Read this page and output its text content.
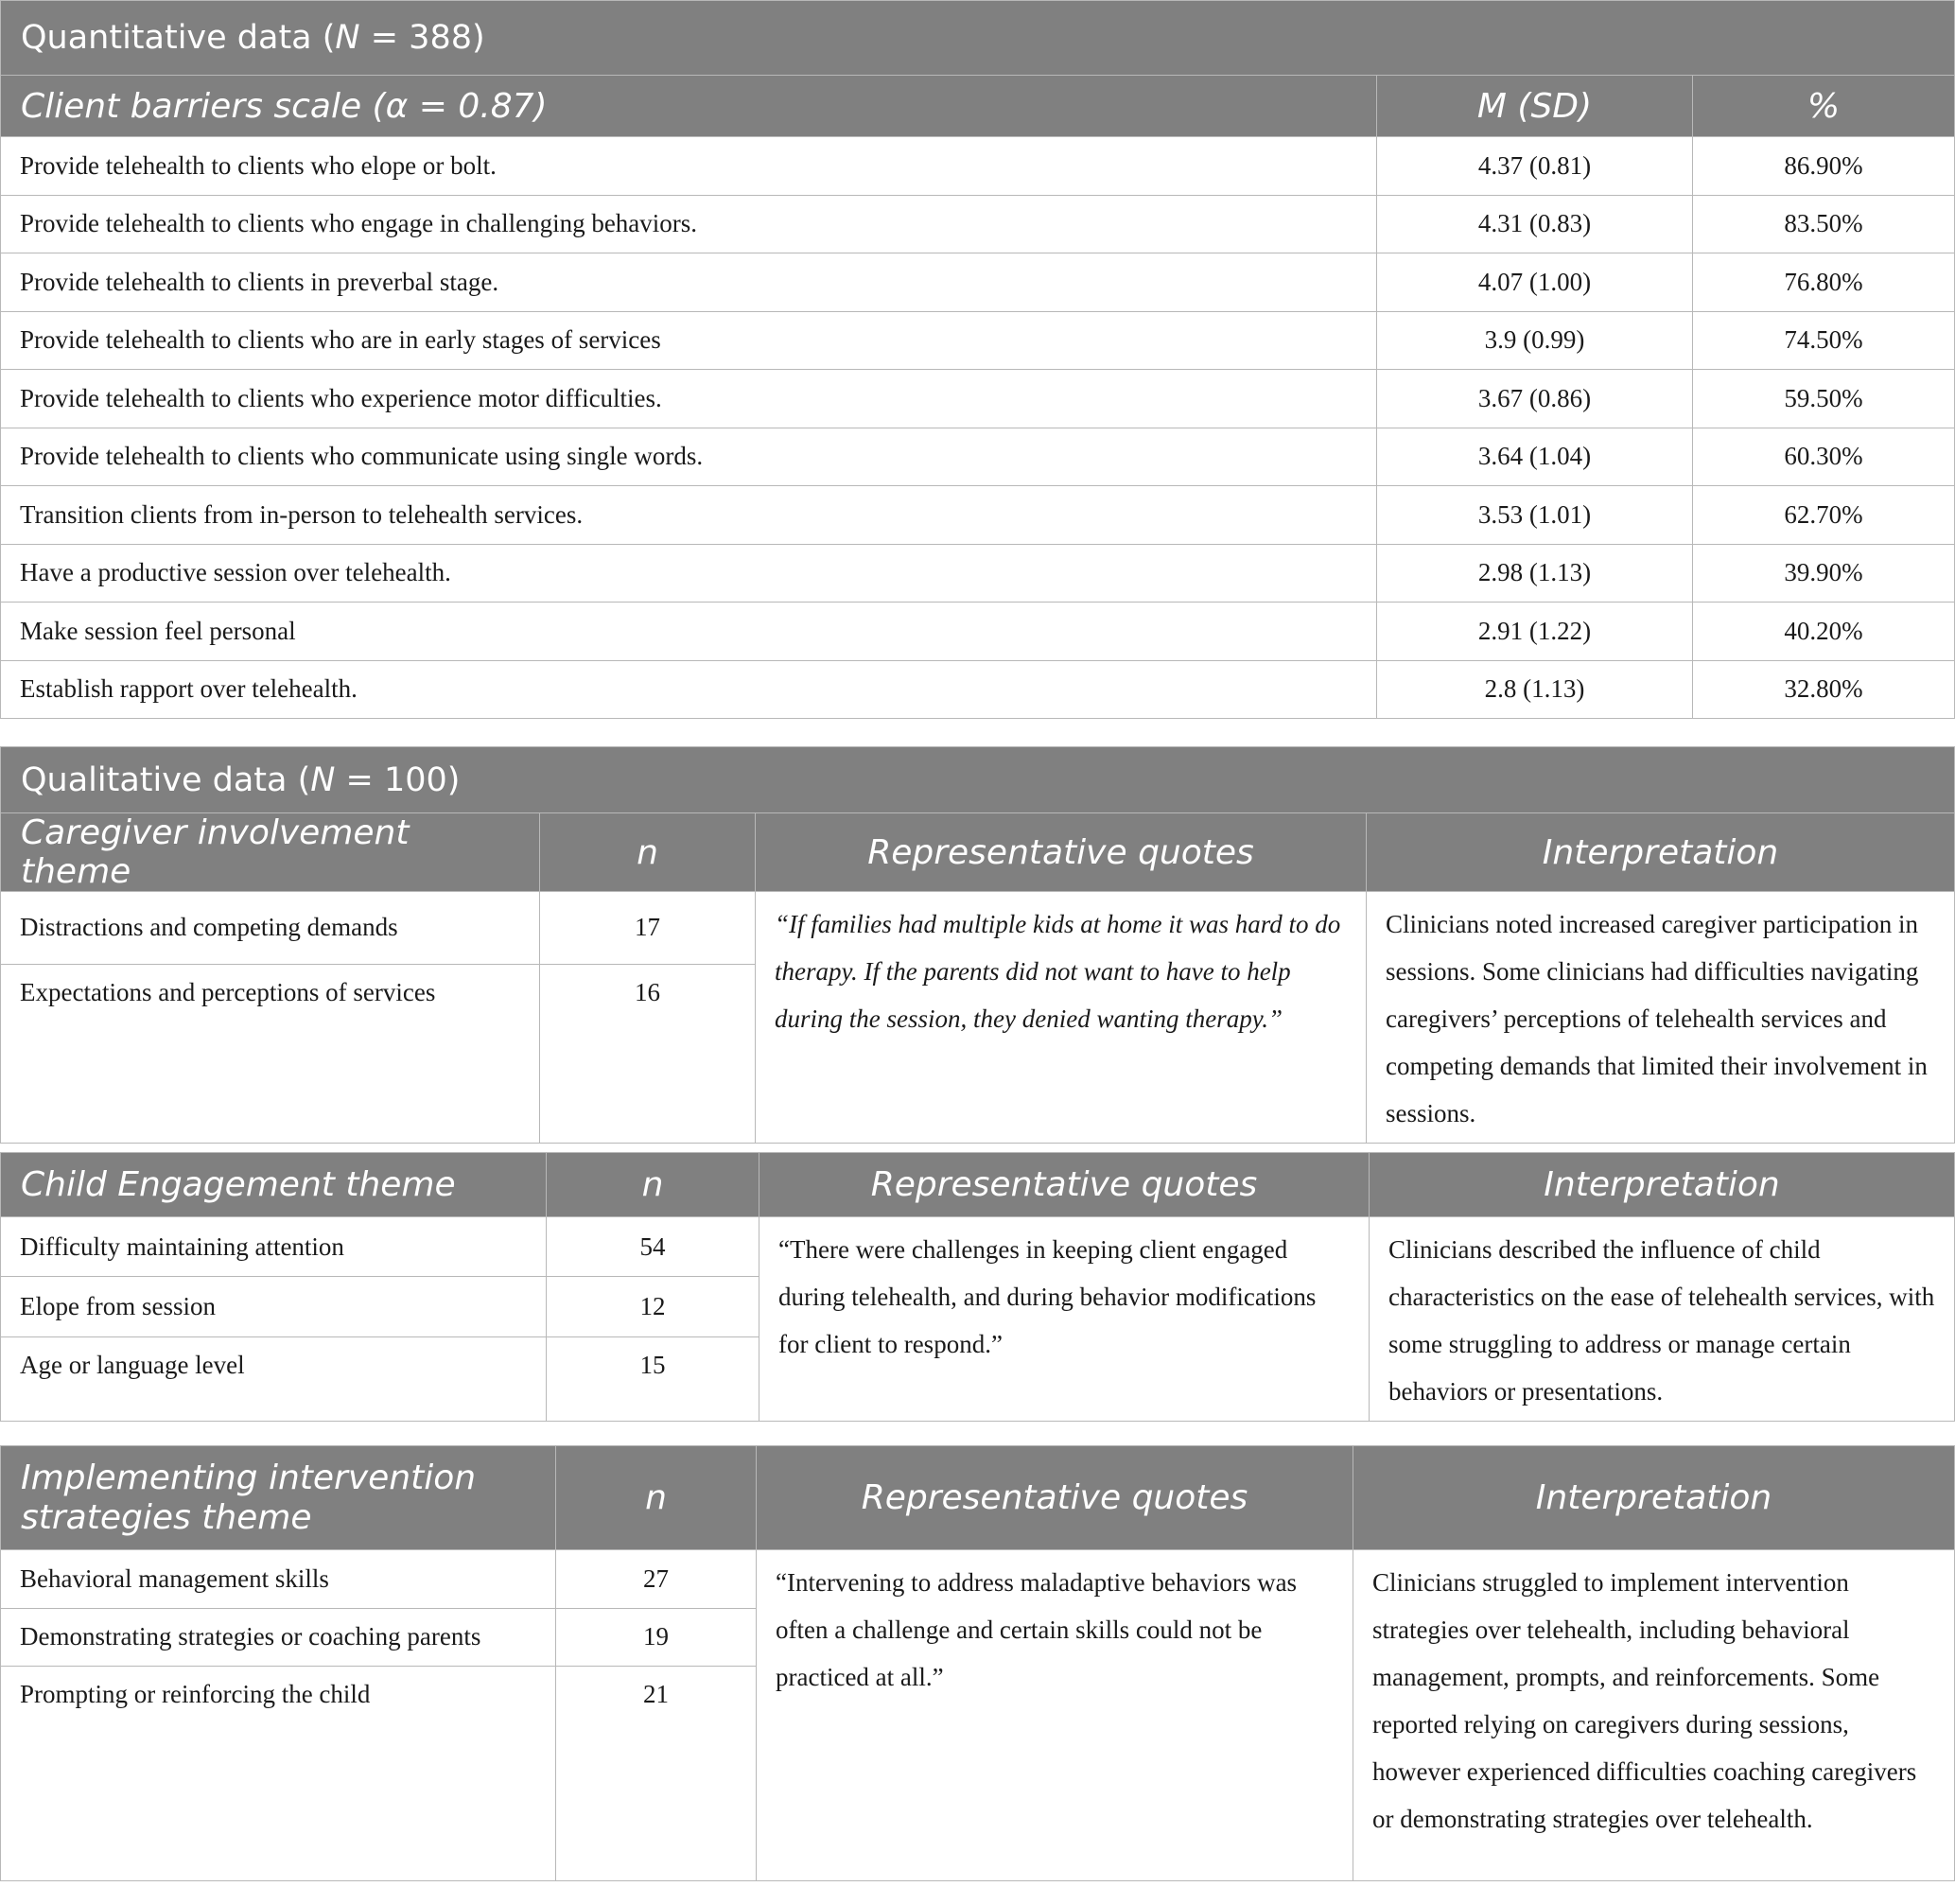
Quantitative data (N = 388)		
Client barriers scale (α = 0.87)	M (SD)	%
Provide telehealth to clients who elope or bolt.	4.37 (0.81)	86.90%
Provide telehealth to clients who engage in challenging behaviors.	4.31 (0.83)	83.50%
Provide telehealth to clients in preverbal stage.	4.07 (1.00)	76.80%
Provide telehealth to clients who are in early stages of services	3.9 (0.99)	74.50%
Provide telehealth to clients who experience motor difficulties.	3.67 (0.86)	59.50%
Provide telehealth to clients who communicate using single words.	3.64 (1.04)	60.30%
Transition clients from in-person to telehealth services.	3.53 (1.01)	62.70%
Have a productive session over telehealth.	2.98 (1.13)	39.90%
Make session feel personal	2.91 (1.22)	40.20%
Establish rapport over telehealth.	2.8 (1.13)	32.80%
Qualitative data (N = 100)			
Caregiver involvement theme	n	Representative quotes	Interpretation
Distractions and competing demands	17	“If families had multiple kids at home it was hard to do therapy. If the parents did not want to have to help during the session, they denied wanting therapy.”	Clinicians noted increased caregiver participation in sessions. Some clinicians had difficulties navigating caregivers’ perceptions of telehealth services and competing demands that limited their involvement in sessions.
Expectations and perceptions of services	16		

Child Engagement theme	n	Representative quotes	Interpretation
Difficulty maintaining attention	54	“There were challenges in keeping client engaged during telehealth, and during behavior modifications for client to respond.”	Clinicians described the influence of child characteristics on the ease of telehealth services, with some struggling to address or manage certain behaviors or presentations.
Elope from session	12		
Age or language level	15		
Implementing intervention
strategies theme	n	Representative quotes	Interpretation
Behavioral management skills	27	“Intervening to address maladaptive behaviors was often a challenge and certain skills could not be practiced at all.”	Clinicians struggled to implement intervention strategies over telehealth, including behavioral management, prompts, and reinforcements. Some reported relying on caregivers during sessions, however experienced difficulties coaching caregivers or demonstrating strategies over telehealth.
Demonstrating strategies or coaching parents	19		
Prompting or reinforcing the child	21		
